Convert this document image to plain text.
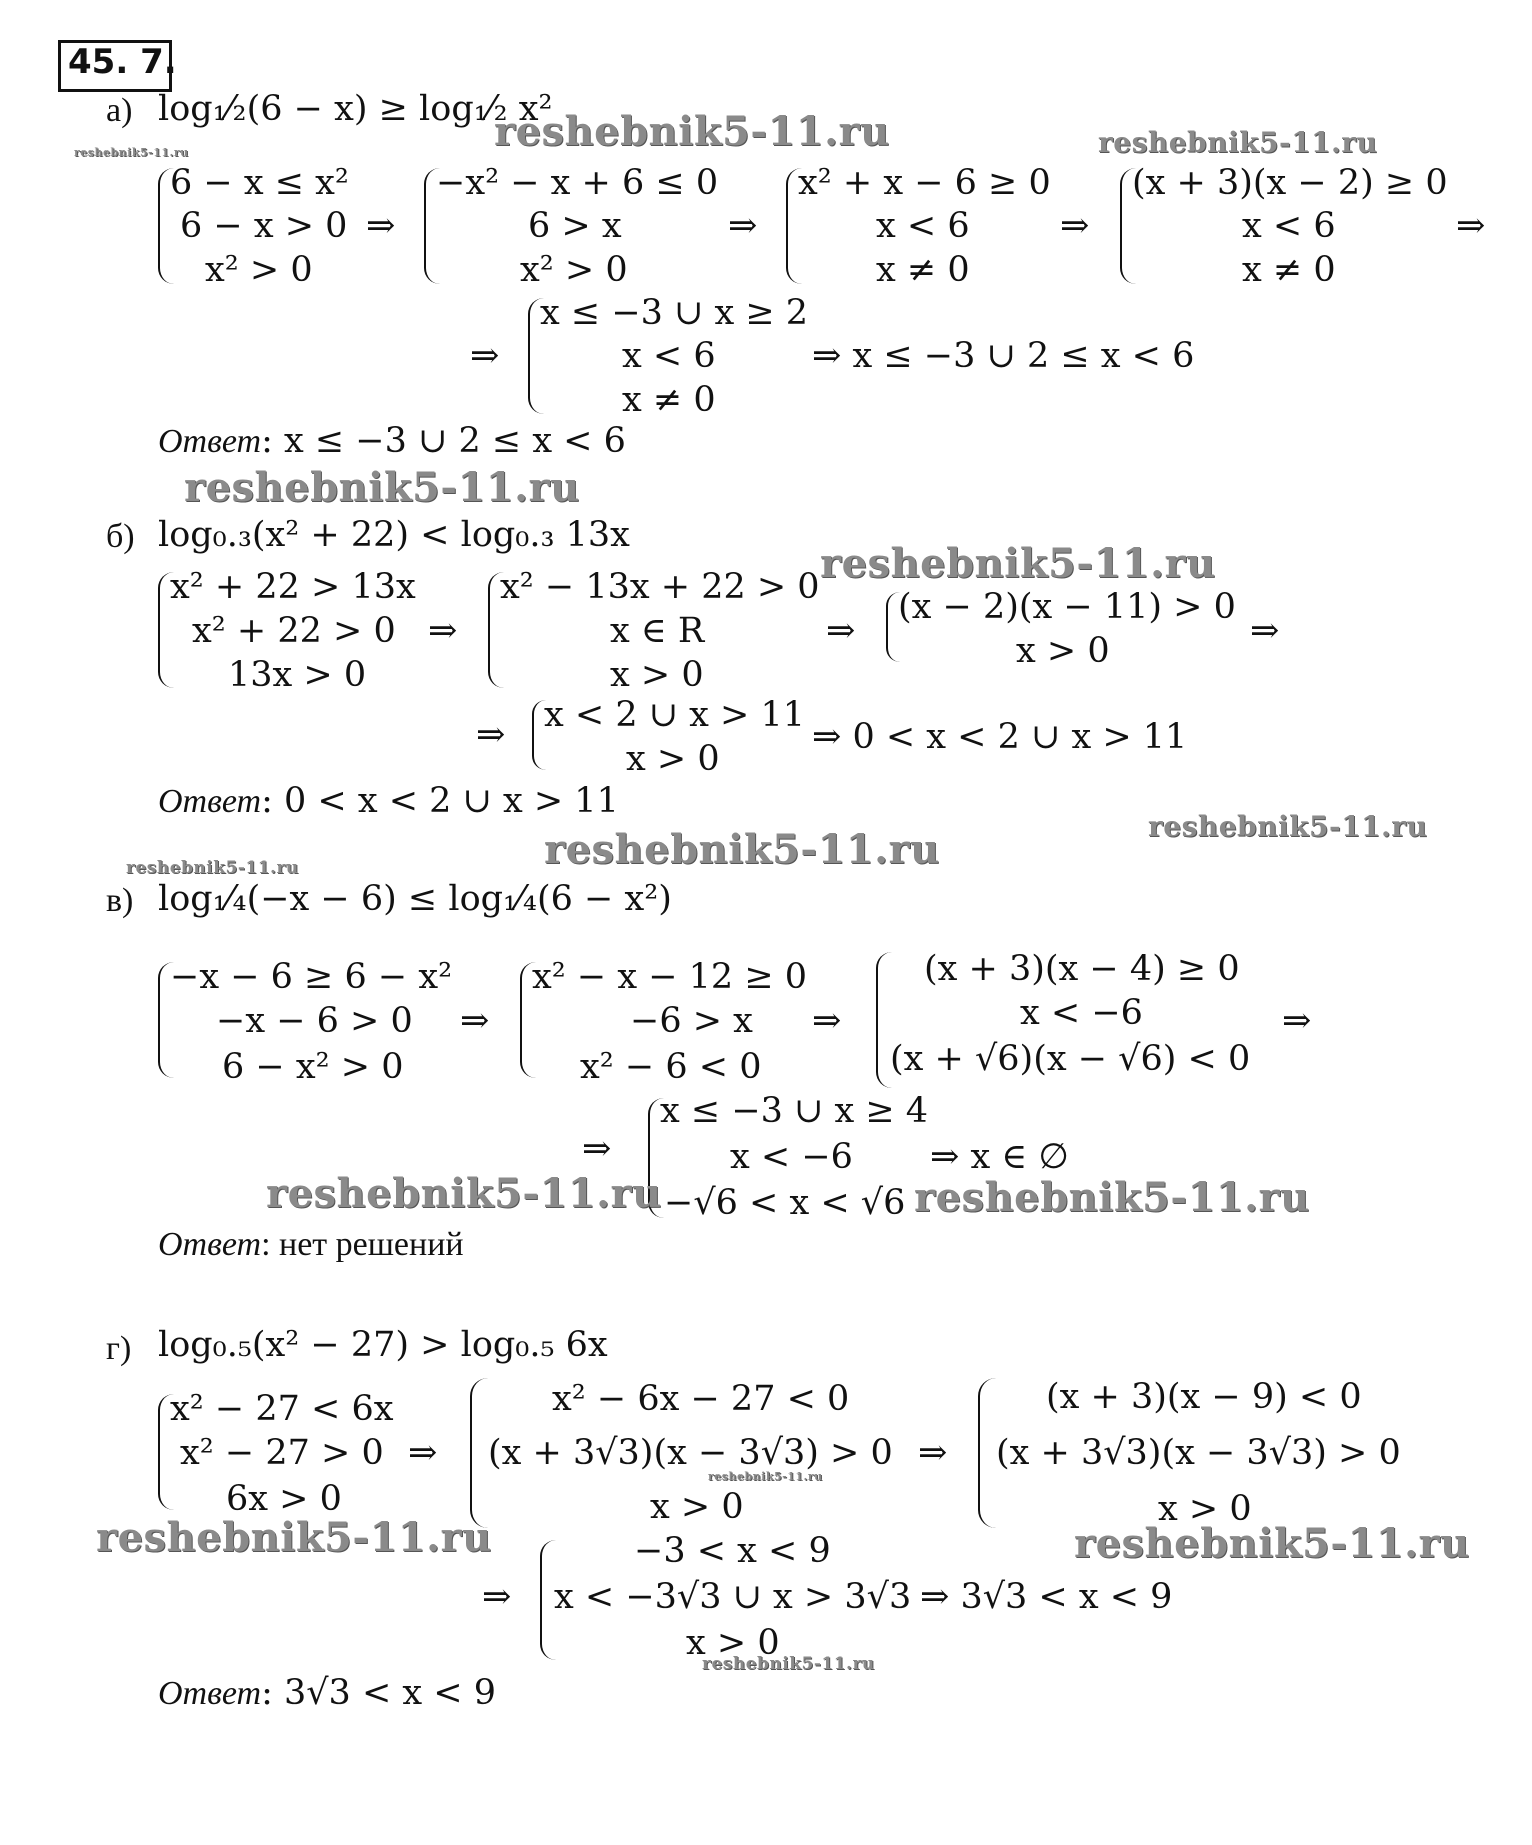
45. 7.
а) log₁⁄₂(6 − x) ≥ log₁⁄₂ x²
6 − x ≤ x²
6 − x > 0
x² > 0
⇒
−x² − x + 6 ≤ 0
6 > x
x² > 0
⇒
x² + x − 6 ≥ 0
x < 6
x ≠ 0
⇒
(x + 3)(x − 2) ≥ 0
x < 6
x ≠ 0
⇒
⇒
x ≤ −3 ∪ x ≥ 2
x < 6
x ≠ 0
⇒ x ≤ −3 ∪ 2 ≤ x < 6
Ответ: x ≤ −3 ∪ 2 ≤ x < 6
б) log₀.₃(x² + 22) < log₀.₃ 13x
x² + 22 > 13x
x² + 22 > 0
13x > 0
⇒
x² − 13x + 22 > 0
x ∈ R
x > 0
⇒
(x − 2)(x − 11) > 0
x > 0	⇒
⇒ x < 2 ∪ x > 11
x > 0
⇒ 0 < x < 2 ∪ x > 11
Ответ: 0 < x < 2 ∪ x > 11
в) log₁⁄₄(−x − 6) ≤ log₁⁄₄(6 − x²)
−x − 6 ≥ 6 − x²
−x − 6 > 0
6 − x² > 0
⇒
x² − x − 12 ≥ 0
−6 > x
x² − 6 < 0
⇒
(x + 3)(x − 4) ≥ 0
x < −6
(x + √6)(x − √6) < 0
⇒
⇒
x ≤ −3 ∪ x ≥ 4
x < −6
−√6 < x < √6
⇒ x ∈ ∅
Ответ: нет решений
г) log₀.₅(x² − 27) > log₀.₅ 6x
x² − 27 < 6x
x² − 27 > 0
6x > 0
⇒
x² − 6x − 27 < 0
(x + 3√3)(x − 3√3) > 0
x > 0
⇒
(x + 3)(x − 9) < 0
(x + 3√3)(x − 3√3) > 0
x > 0
⇒
−3 < x < 9
x < −3√3 ∪ x > 3√3
x > 0
⇒ 3√3 < x < 9
Ответ: 3√3 < x < 9
reshebnik5-11.ru	reshebnik5-11.ru
reshebnik5-11.ru
reshebnik5-11.ru
reshebnik5-11.ru
reshebnik5-11.ru
reshebnik5-11.ru
reshebnik5-11.ru
reshebnik5-11.ru	reshebnik5-11.ru
reshebnik5-11.ru	reshebnik5-11.ru
reshebnik5-11.ru
reshebnik5-11.ru
